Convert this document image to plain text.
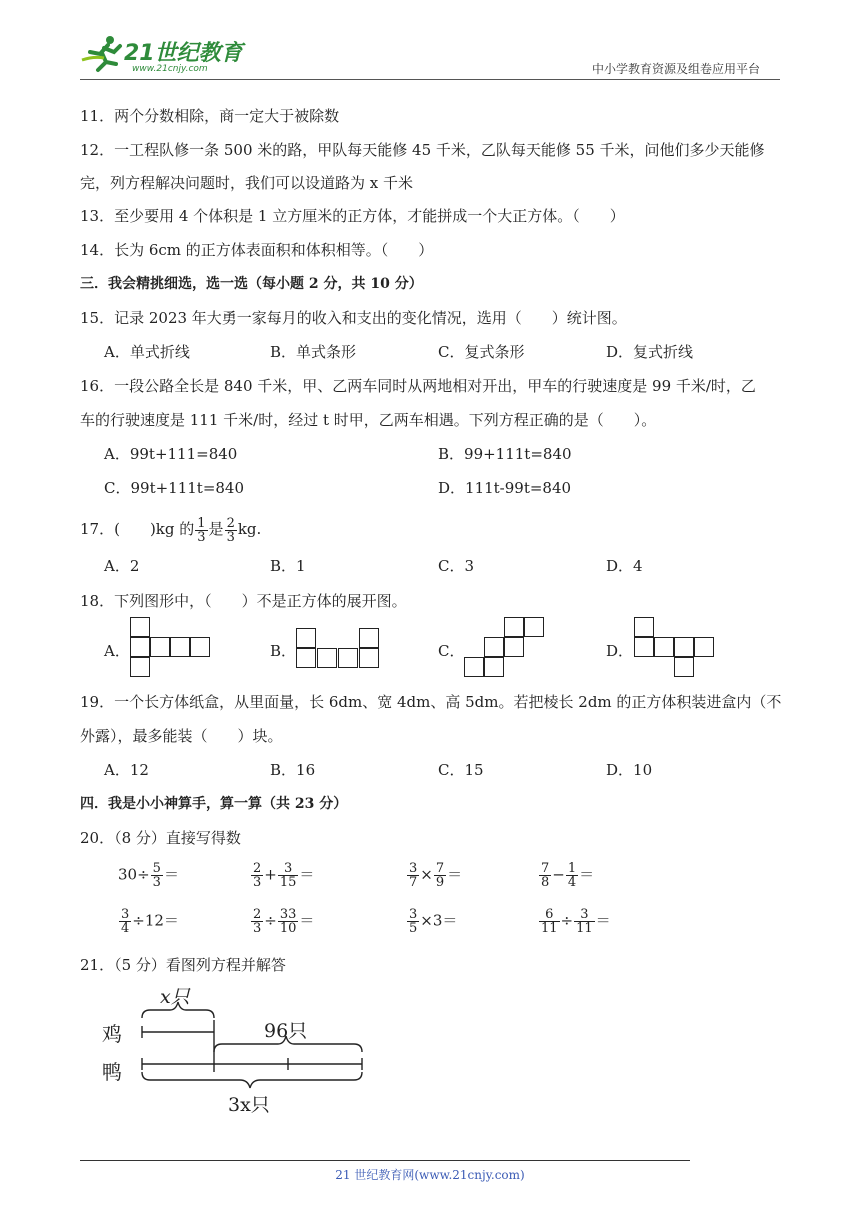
21世纪教育
www.21cnjy.com	中小学教育资源及组卷应用平台
11．两个分数相除，商一定大于被除数
12．一工程队修一条 500 米的路，甲队每天能修 45 千米，乙队每天能修 55 千米，问他们多少天能修
完，列方程解决问题时，我们可以设道路为 x 千米
13．至少要用 4 个体积是 1 立方厘米的正方体，才能拼成一个大正方体。（　　）
14．长为 6cm 的正方体表面积和体积相等。（　　）
三．我会精挑细选，选一选（每小题 2 分，共 10 分）
15．记录 2023 年大勇一家每月的收入和支出的变化情况，选用（　　）统计图。
A．单式折线	B．单式条形	C．复式条形	D．复式折线
16．一段公路全长是 840 千米，甲、乙两车同时从两地相对开出，甲车的行驶速度是 99 千米/时，乙
车的行驶速度是 111 千米/时，经过 t 时甲，乙两车相遇。下列方程正确的是（　　）。
A．99t+111=840	B．99+111t=840
C．99t+111t=840	D．111t-99t=840
17．(　　)kg 的 $\frac{1}{3}$ 是 $\frac{2}{3}$ kg.
A．2	B．1	C．3	D．4
18．下列图形中，（　　）不是正方体的展开图。
A．	B．	C．	D．
19．一个长方体纸盒，从里面量，长 6dm、宽 4dm、高 5dm。若把棱长 2dm 的正方体积装进盒内（不
外露），最多能装（　　）块。
A．12	B．16	C．15	D．10
四．我是小小神算手，算一算（共 23 分）
20．（8 分）直接写得数
$30\div \frac{5}{3}$ ＝	$\frac{2}{3} + \frac{3}{15}$ ＝	$\frac{3}{7} \times \frac{7}{9}$ ＝	$\frac{7}{8} - \frac{1}{4}$ ＝
$\frac{3}{4} \div 12=$	$\frac{2}{3} \div \frac{33}{10}$ ＝	$\frac{3}{5} \times 3=$	$\frac{6}{11} \div \frac{3}{11}$ ＝
21．（5 分）看图列方程并解答
x只
鸡	96只
鸭
3x只
21 世纪教育网(www.21cnjy.com)
